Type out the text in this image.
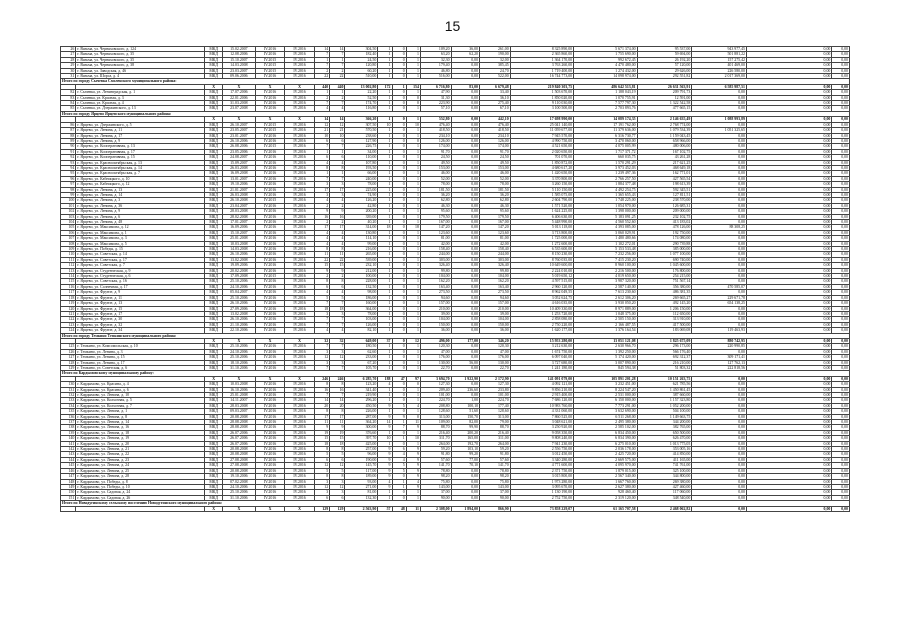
15
26	г. Вязьма, ул. Черняховского, д. 124	МКД	15.02.2007	IV.2016	IV.2016	14	14	304,50	1	0	1	109,20	36,00	261,00	8 325 890,00	5 671 374,00	95 537,00	943 977,45	0,00	0,00
27	г. Вязьма, ул. Черняховского, д. 35	МКД	12.08.2006	IV.2016	IV.2016	7	7	182,40	1	0	1	63,20	62,20	190,00	2 365 860,00	1 755 690,00	59 694,00	501 881,22	0,00	0,00
28	г. Вязьма, ул. Черняховского, д. 35	МКД	15.10.2007	IV.2015	IV.2016	1	1	24,50	1	0	1	32,30	0,00	32,00	1 364 170,00	992 672,45	26 192,20	157 275,42	0,00	0,00
29	г. Вязьма, ул. Черняховского, д. 38	МКД	14.03.2008	IV.2015	IV.2016	7	7	120,80	1	0	1	179,40	0,00	385,45	3 763 260,00	4 470 480,00	57 120,00	401 469,00	0,00	0,00
30	г. Вязьма, ул. Заводская, д. 46	МКД	23.03.2007	IV.2015	IV.2016	2	2	60,20	1	0	1	46,80	0,00	24,70	1 719 400,00	1 274 432,00	29 626,00	226 580,00	0,00	0,00
31	г. Вязьма, ул. Шорса, д. 4	МКД	09.06.2006	IV.2016	IV.2016	22	22	510,00	1	0	1	516,00	0,00	522,00	16 744 773,00	14 098 974,00	292 551,82	2 017 369,00	0,00	0,00
Итого по городу Сычевка Смоленского муниципального района:																				
		X	X	X	X	440	440	13 002,80	172	1	154	6 716,80	83,00	6 679,48	219 840 303,75	486 642 513,81	26 631 563,91	6 585 987,51	0,00	0,00
82	г. Сычевка, ул. Ленинградская, д. 1	МКД	17.07.2006	IV.2016	IV.2016	1	1	22,20	1	0	1	47,90	0,00	33,40	1 503 670,00	1 188 043,19	209 791,73	0,00	0,00	0,00
83	г. Сычевка, ул. Красная, д. 3	МКД	22.01.2006	IV.2016	IV.2016	2	2	52,50	1	0	0	31,30	0,00	36,10	1 850 020,00	1 070 755,91	12 591,00	0,00	0,00	0,00
84	г. Сычевка, ул. Красная, д. 4	МКД	31.03.2008	IV.2016	IV.2016	7	7	174,70	1	0	0	223,90	0,00	275,40	9 110 030,00	7 577 797,30	1 322 542,58	0,00	0,00	0,00
85	г. Сычевка, ул. Дзержинского, д. 13	МКД	23.07.2008	IV.2016	IV.2016	4	4	116,80	1	0	1	57,10	0,00	67,10	3 100 500,00	2 703 893,76	477 665,15	0,00	0,00	0,00
Итого по городу Ярцево Ярцевского муниципального района:																				
		X	X	X	X	14	14	366,20	1	0	1	552,80	0,00	442,10	17 698 990,00	14 089 174,35	2 146 635,49	1 088 993,89	0,00	0,00
86	г. Ярцево, ул. Дзержинского, д. 5	МКД	26.10.2007	IV.2015	IV.2016	12	12	307,50	10	0	10	476,40	0,00	476,40	25 041 140,00	17 191 762,00	2 768 774,00	0,00	0,00	0,00
87	г. Ярцево, ул. Ленина, д. 11	МКД	23.05.2007	IV.2015	IV.2016	21	21	570,50	1	0	1	418,50	0,00	418,50	11 059 677,00	11 379 636,00	1 079 534,39	1 051 325,65	0,00	0,00
88	г. Ярцево, ул. Ленина, д. 17	МКД	23.01.2007	IV.2016	IV.2016	10	10	238,60	1	0	1	234,10	0,00	234,10	7 945 570,00	6 316 730,77	1 159 043,45	0,00	0,00	0,00
89	г. Ярцево, ул. Ленина, д. 9	МКД	26.10.2006	IV.2016	IV.2016	6	6	127,90	1	0	0	126,00	0,00	126,00	4 990 750,00	3 470 060,00	658 966,00	0,00	0,00	0,00
90	г. Ярцево, ул. Кооперативная, д. 13	МКД	26.08.2006	IV.2015	IV.2016	7	7	226,75	1	0	1	174,00	0,00	174,00	4 521 650,00	4 075 005,99	480 006,00	0,00	0,00	0,00
91	г. Ярцево, ул. Кооперативная, д. 17	МКД	23.05.2006	IV.2016	IV.2016	1	1	34,00	1	0	1	91,70	0,00	91,70	2 020 650,00	1 717 371,72	167 102,75	0,00	0,00	0,00
92	г. Ярцево, ул. Кооперативная, д. 15	МКД	24.08.2007	IV.2016	IV.2016	6	6	110,00	1	0	1	24,50	0,00	24,50	701 070,00	660 035,75	43 261,28	0,00	0,00	0,00
93	г. Ярцево, ул. Краснооктябрьская, д. 13	МКД	15.09.2007	IV.2016	IV.2016	4	4	107,80	1	0	1	49,50	0,00	49,50	1 850 872,00	1 570 291,29	217 621,25	0,00	0,00	0,00
94	г. Ярцево, ул. Краснооктябрьская, д. 14	МКД	26.03.2008	IV.2016	IV.2016	8	8	193,50	1	0	1	153,00	0,00	153,00	4 680 617,20	3 973 452,03	468 649,18	0,00	0,00	0,00
95	г. Ярцево, ул. Краснооктябрьская, д. 7	МКД	16.09.2008	IV.2016	IV.2016	1	1	66,00	1	0	1	46,00	0,00	46,00	1 420 650,00	1 239 497,36	162 771,01	0,00	0,00	0,00
96	г. Ярцево, ул. Кабницкого, д. 10	МКД	13.01.2007	IV.2016	IV.2016	7	7	240,00	1	0	1	52,00	0,00	52,00	3 370 800,00	2 766 257,50	427 565,54	0,00	0,00	0,00
97	г. Ярцево, ул. Кабницкого, д. 12	МКД	19.10.2006	IV.2016	IV.2016	3	3	78,00	1	0	1	78,00	0,00	78,00	3 260 150,00	1 884 377,48	198 613,39	0,00	0,00	0,00
98	г. Ярцево, ул. Ленина, д. 13	МКД	21.01.2007	IV.2016	IV.2016	17	17	225,00	1	0	1	181,50	0,00	181,50	5 110 150,00	4 492 254,75	592 345,51	0,00	0,00	0,00
99	г. Ярцево, ул. Ленина, д. 14	МКД	26.03.2008	IV.2016	IV.2016	3	3	74,90	1	0	1	36,20	0,00	36,20	1 585 075,00	1 365 655,43	127 811,51	0,00	0,00	0,00
100	г. Ярцево, ул. Ленина, д. 3	МКД	26.10.2008	IV.2015	IV.2016	4	4	126,20	1	0	1	62,80	0,00	62,80	2 604 790,00	1 748 225,00	238 570,00	0,00	0,00	0,00
101	г. Ярцево, ул. Ленина, д. 36	МКД	23.04.2007	IV.2016	IV.2016	2	2	42,80	1	0	1	46,30	0,00	46,30	1 571 520,00	1 054 970,00	126 685,31	0,00	0,00	0,00
102	г. Ярцево, ул. Ленина, д. 9	МКД	28.03.2008	IV.2016	IV.2016	9	9	200,20	1	0	1	95,60	0,00	95,60	1 624 225,00	1 398 000,00	209 000,00	0,00	0,00	0,00
103	г. Ярцево, ул. Ленина, д. 6	МКД	28.02.2008	IV.2016	IV.2016	16	16	339,00	1	0	1	179,50	0,00	179,50	6 406 630,00	5 183 091,25	232 102,75	0,00	0,00	0,00
104	г. Ярцево, ул. Ленина, д. 48	МКД	17.01.2007	IV.2016	IV.2016	2	2	40,20	1	0	1	167,00	0,00	167,00	5 448 990,00	4 560 552,60	413 183,02	0,00	0,00	0,00
105	г. Ярцево, ул. Максимова, д. 12	МКД	16.09.2006	IV.2016	IV.2016	17	17	314,00	18	0	18	147,20	0,00	147,20	5 013 118,00	4 393 085,00	478 126,00	88 308,25	0,00	0,00
106	г. Ярцево, ул. Максимова, д. 1	МКД	15.10.2007	IV.2016	IV.2016	4	4	130,80	1	0	1	123,60	0,00	123,60	3 713 800,00	3 060 029,91	192 750,00	0,00	0,00	0,00
107	г. Ярцево, ул. Максимова, д. 3	МКД	25.01.2008	IV.2016	IV.2016	4	4	114,10	1	0	1	81,00	0,00	81,00	1 725 000,00	1 480 480,66	174 080,00	0,00	0,00	0,00
108	г. Ярцево, ул. Максимова, д. 5	МКД	10.03.2008	IV.2016	IV.2016	4	4	99,00	1	0	1	42,00	0,00	42,00	1 272 600,00	1 102 272,01	290 739,88	0,00	0,00	0,00
109	г. Ярцево, ул. Победы, д. 15	МКД	14.03.2008	IV.2016	IV.2016	8	8	216,00	1	0	1	158,40	0,00	158,40	6 535 600,00	5 153 533,48	385 000,00	0,00	0,00	0,00
110	г. Ярцево, ул. Советская, д. 14	МКД	26.10.2006	IV.2016	IV.2016	11	11	265,00	1	0	1	244,00	0,00	244,00	8 150 230,00	7 232 256,00	1 077 100,00	0,00	0,00	0,00
111	г. Ярцево, ул. Советская, д. 17	МКД	13.02.2008	IV.2016	IV.2016	22	22	539,00	1	0	1	303,00	0,00	303,00	8 760 035,00	7 415 230,20	690 740,00	0,00	0,00	0,00
112	г. Ярцево, ул. Советская, д. 7	МКД	19.09.2006	IV.2016	IV.2016	15	15	232,10	1	0	1	326,40	0,00	326,40	10 649 600,00	8 960 100,00	1 045 600,00	0,00	0,00	0,00
113	г. Ярцево, ул. Студенческая, д. 9	МКД	20.02.2008	IV.2016	IV.2016	9	9	212,00	1	0	1	99,80	0,00	99,80	2 224 010,00	2 216 500,00	176 800,00	0,00	0,00	0,00
114	г. Ярцево, ул. Студенческая, д. 6	МКД	17.09.2008	IV.2015	IV.2016	2	2	100,00	1	0	1	104,00	0,00	104,00	5 019 650,12	4 019 650,00	254 215,00	0,00	0,00	0,00
115	г. Ярцево, ул. Советская, д. 16	МКД	25.10.2006	IV.2016	IV.2016	8	8	228,00	1	0	1	162,20	0,00	162,20	4 597 515,00	3 987 320,00	751 567,14	0,00	0,00	0,00
116	г. Ярцево, ул. Солнечная, д. 17	МКД	24.10.2006	IV.2016	IV.2016	6	6	132,50	1	0	1	163,40	0,00	163,40	2 960 120,00	2 587 140,00	356 380,00	470 585,07	0,00	0,00
117	г. Ярцево, ул. Фрунзе, д. 9	МКД	05.04.2007	IV.2016	IV.2016	4	4	98,00	1	0	1	273,50	0,00	273,50	8 962 049,55	7 613 230,60	486 381,35	0,00	0,00	0,00
118	г. Ярцево, ул. Фрунзе, д. 11	МКД	25.10.2006	IV.2016	IV.2016	5	5	186,00	1	0	1	94,60	0,00	94,60	3 052 624,75	2 612 306,20	269 665,27	229 671,78	0,00	0,00
119	г. Ярцево, ул. Фрунзе, д. 13	МКД	26.10.2006	IV.2016	IV.2016	7	7	160,00	1	0	1	157,00	0,00	157,00	4 616 035,00	3 930 050,20	492 145,20	654 138,25	0,00	0,00
120	г. Ярцево, ул. Фрунзе, д. 15	МКД	27.09.2006	IV.2016	IV.2016	18	18	364,00	1	0	1	210,00	0,00	210,00	10 409 330,00	8 971 889,00	1 206 150,00	0,00	0,00	0,00
121	г. Ярцево, ул. Фрунзе, д. 17	МКД	13.02.2008	IV.2016	IV.2016	3	3	78,00	1	0	1	39,00	0,00	39,00	1 253 720,00	1 048 375,00	112 650,00	0,00	0,00	0,00
122	г. Ярцево, ул. Фрунзе, д. 30	МКД	26.10.2006	IV.2016	IV.2016	7	7	103,00	1	0	1	104,00	0,00	104,00	2 858 080,00	2 505 150,00	313 910,00	0,00	0,00	0,00
123	г. Ярцево, ул. Фрунзе, д. 32	МКД	21.10.2006	IV.2016	IV.2016	7	7	126,00	1	0	1	150,00	0,00	150,00	2 750 220,00	2 166 487,55	417 500,00	0,00	0,00	0,00
124	г. Ярцево, ул. Фрунзе, д. 34	МКД	22.10.2006	IV.2016	IV.2016	4	4	82,10	1	0	1	36,00	0,00	36,00	1 620 177,00	1 376 164,54	183 069,08	119 463,93	0,00	0,00
Итого по городу Темкино Темкинского муниципального района:																				
		X	X	X	X	32	32	649,00	37	0	12	496,00	177,00	346,20	15 953 280,00	13 051 121,08	1 825 675,09	880 742,95	0,00	0,00
125	г. Темкино, ул. Комсомольская, д. 10	МКД	25.10.2006	IV.2016	IV.2016	7	7	180,50	1	0	1	120,30	0,00	120,30	3 212 630,00	2 630 966,70	296 173,00	220 990,85	0,00	0,00
126	г. Темкино, ул. Ленина, д. 3	МКД	24.10.2006	IV.2016	IV.2016	3	3	62,60	1	0	1	47,00	0,00	47,00	1 674 750,00	1 392 250,00	566 176,40	0,00	0,00	0,00
127	г. Темкино, ул. Ленина, д. 15	МКД	25.10.2006	IV.2016	IV.2016	12	12	233,00	1	0	1	176,00	0,00	176,00	6 097 040,00	5 174 420,00	692 312,37	309 171,41	0,00	0,00
128	г. Темкино, ул. Ленина, д. 17	МКД	18.10.2006	IV.2016	IV.2016	3	3	67,20	1	0	1	130,00	56,00	130,00	3 727 680,00	3 007 890,00	216 210,00	127 762,13	0,00	0,00
129	г. Темкино, ул. Советская, д. 6	МКД	31.10.2006	IV.2016	IV.2016	7	7	105,70	1	0	1	22,70	0,00	22,70	1 241 180,00	845 594,38	51 803,32	222 818,56	0,00	0,00
Итого по Кардымовскому муниципальному району:																				
		X	X	X	X	246	246	6 285,70	188	47	97	3 694,70	1 922,90	2 172,90	141 091 079,00	105 891 201,28	10 151 263,75	0,00	0,00	0,00
130	г. Кардымово, ул. Красина, д. 4	МКД	10.03.2008	IV.2016	IV.2016	8	8	123,20	4	0	0	127,30	0,00	127,30	4 092 121,00	3 232 451,00	621 785,56	0,00	0,00	0,00
131	г. Кардымово, ул. Красина, д. 6	МКД	16.10.2006	IV.2016	IV.2016	16	16	341,40	1	0	1	209,40	236,60	233,80	9 856 210,00	8 224 547,20	1 450 861,45	0,00	0,00	0,00
132	г. Кардымово, ул. Ленина, д. 10	МКД	25.01.2008	IV.2016	IV.2016	7	7	219,90	1	0	1	101,00	0,00	101,00	2 915 400,00	2 531 000,00	387 660,00	0,00	0,00	0,00
133	г. Кардымово, ул. Колхозная, д. 5	МКД	14.11.2007	IV.2016	IV.2016	14	14	296,20	1	0	1	224,70	1,00	224,70	7 686 120,00	6 150 000,00	1 157 323,80	0,00	0,00	0,00
134	г. Кардымово, ул. Колхозная, д. 7	МКД	28.03.2008	IV.2016	IV.2016	20	20	450,50	9	5	4	208,80	100,10	177,40	10 983 760,00	7 773 291,00	1 052 200,00	0,00	0,00	0,00
135	г. Кардымово, ул. Ленина, д. 1	МКД	09.03.2007	IV.2016	IV.2016	8	8	226,00	1	0	1	128,60	51,60	128,60	4 331 060,00	3 632 690,00	504 100,00	0,00	0,00	0,00
136	г. Кардымово, ул. Ленина, д. 8	МКД	20.08.2008	IV.2016	IV.2016	17	17	287,00	9	9	0	313,00	150,70	313,00	7 860 525,00	6 511 268,00	1 149 663,75	0,00	0,00	0,00
137	г. Кардымово, ул. Ленина, д. 14	МКД	28.08.2008	IV.2016	IV.2016	11	11	364,20	14	1	11	109,00	82,00	79,00	3 048 621,00	2 495 380,00	344 200,00	0,00	0,00	0,00
138	г. Кардымово, ул. Ленина, д. 16	МКД	28.08.2008	IV.2016	IV.2016	9	9	300,00	9	7	9	88,70	99,90	88,70	3 250 920,00	2 585 102,00	382 765,00	0,00	0,00	0,00
139	г. Кардымово, ул. Ленина, д. 18	МКД	26.07.2006	IV.2016	IV.2016	19	19	376,60	1	0	1	216,40	200,20	216,40	9 058 350,00	6 834 450,00	650 500,00	0,00	0,00	0,00
140	г. Кардымово, ул. Ленина, д. 19	МКД	26.07.2006	IV.2016	IV.2016	15	15	397,70	10	1	10	311,70	165,00	311,00	9 808 240,00	6 834 390,00	626 470,00	0,00	0,00	0,00
141	г. Кардымово, ул. Ленина, д. 20	МКД	26.07.2006	IV.2016	IV.2016	18	18	425,00	1	0	1	264,00	192,70	264,00	7 941 230,00	6 275 010,00	1 013 775,05	0,00	0,00	0,00
142	г. Кардымово, ул. Ленина, д. 21	МКД	20.08.2008	IV.2016	IV.2016	8	8	257,00	9	6	9	59,20	103,10	59,20	2 556 750,00	2 036 178,00	353 005,16	0,00	0,00	0,00
143	г. Кардымово, ул. Ленина, д. 22	МКД	20.08.2008	IV.2016	IV.2016	5	5	96,00	9	4	9	91,80	99,20	91,80	3 012 450,00	2 425 720,00	414 850,00	0,00	0,00	0,00
144	г. Кардымово, ул. Ленина, д. 23	МКД	27.08.2008	IV.2016	IV.2016	6	6	190,00	9	4	9	57,60	77,00	57,60	3 340 280,00	2 669 575,00	411 165,00	0,00	0,00	0,00
145	г. Кардымово, ул. Ленина, д. 24	МКД	27.08.2008	IV.2016	IV.2016	12	12	145,70	9	5	9	141,70	70,10	141,70	4 771 600,00	4 095 970,00	741 761,00	0,00	0,00	0,00
146	г. Кардымово, ул. Ленина, д. 25	МКД	20.08.2008	IV.2016	IV.2016	5	5	117,00	9	5	9	78,80	0,00	78,80	2 371 750,00	1 879 015,00	325 100,00	0,00	0,00	0,00
147	г. Кардымово, ул. Ленина, д. 28	МКД	19.10.2006	IV.2016	IV.2016	8	8	189,00	9	0	9	98,20	0,00	98,20	3 015 800,00	2 567 340,00	344 800,00	0,00	0,00	0,00
148	г. Кардымово, ул. Победы, д. 8	МКД	07.02.2008	IV.2016	IV.2016	3	3	93,00	4	1	4	75,80	0,00	75,80	1 973 280,00	1 667 760,00	269 380,00	0,00	0,00	0,00
149	г. Кардымово, ул. Победы, д. 10	МКД	24.10.2006	IV.2016	IV.2016	12	12	271,00	9	1	9	143,00	0,00	143,00	3 095 670,00	2 627 380,00	427 460,00	0,00	0,00	0,00
150	г. Кардымово, ул. Садовая, д. 24	МКД	25.10.2006	IV.2016	IV.2016	3	3	81,00	1	0	1	37,00	0,00	37,00	1 130 190,00	928 460,40	117 060,00	0,00	0,00	0,00
151	г. Кардымово, ул. Садовая, д. 26	МКД	31.10.2006	IV.2016	IV.2016	6	6	132,30	1	0	1	90,00	0,00	90,00	2 752 750,00	2 319 120,00	348 540,00	0,00	0,00	0,00
Итого по Новодугинскому сельскому поселению Новодугинского муниципального района:																				
		X	X	X	X	129	129	2 563,90	57	48	11	2 308,00	1 894,00	866,90	73 858 229,07	61 165 707,58	2 468 062,82	0,00	0,00	0,00
